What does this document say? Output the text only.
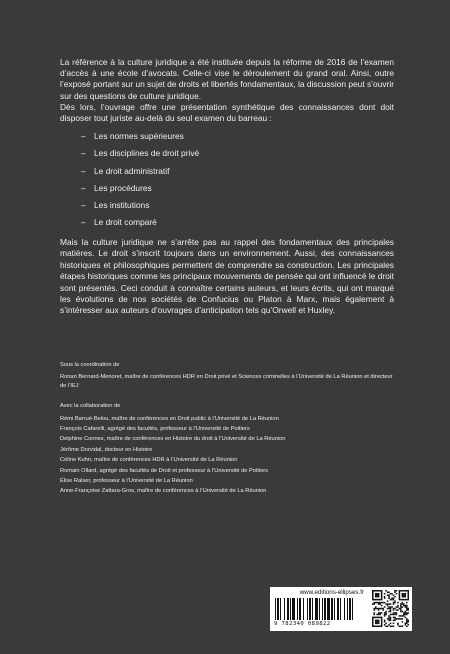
La référence à la culture juridique a été instituée depuis la réforme de 2016 de l’examen d’accès à une école d’avocats. Celle-ci vise le déroulement du grand oral. Ainsi, outre l’exposé portant sur un sujet de droits et libertés fondamentaux, la discussion peut s’ouvrir sur des questions de culture juridique.

Dès lors, l’ouvrage offre une présentation synthétique des connaissances dont doit disposer tout juriste au-delà du seul examen du barreau :

– Les normes supérieures
– Les disciplines de droit privé
– Le droit administratif
– Les procédures
– Les institutions
– Le droit comparé

Mais la culture juridique ne s’arrête pas au rappel des fondamentaux des principales matières. Le droit s’inscrit toujours dans un environnement. Aussi, des connaissances historiques et philosophiques permettent de comprendre sa construction. Les principales étapes historiques comme les principaux mouvements de pensée qui ont influencé le droit sont présentés. Ceci conduit à connaître certains auteurs, et leurs écrits, qui ont marqué les évolutions de nos sociétés de Confucius ou Platon à Marx, mais également à s’intéresser aux auteurs d’ouvrages d’anticipation tels qu’Orwell et Huxley.

Sous la coordination de

Ronan Bernard-Menoret, maître de conférences HDR en Droit privé et Sciences criminelles à l’Université de La Réunion et directeur de l’IEJ

Avec la collaboration de

Rémi Barrué-Belou, maître de conférences en Droit public à l’Université de La Réunion

François Cafarelli, agrégé des facultés, professeur à l’Université de Poitiers

Delphine Connes, maître de conférences en Histoire du droit à l’Université de La Réunion

Jérôme Dorvidal, docteur en Histoire

Céline Kuhn, maître de conférences HDR à l’Université de La Réunion

Romain Ollard, agrégé des facultés de Droit et professeur à l’Université de Poitiers

Élise Ralser, professeur à l’Université de La Réunion

Anne-Françoise Zattara-Gros, maître de conférences à l’Université de La Réunion

www.editions-ellipses.fr
9 782340 089822
